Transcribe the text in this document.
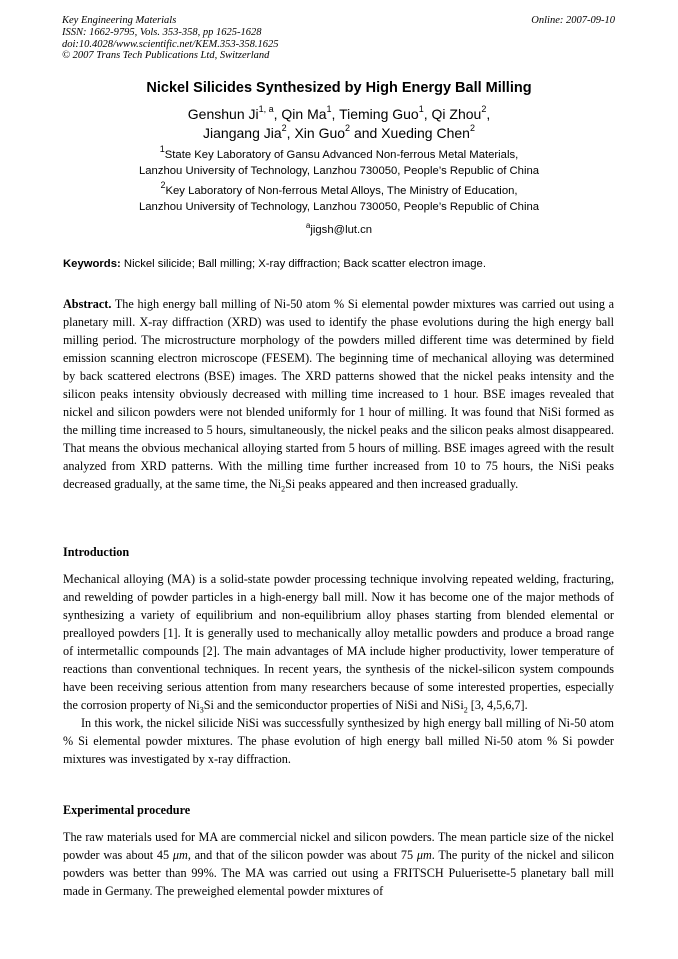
Key Engineering Materials
ISSN: 1662-9795, Vols. 353-358, pp 1625-1628
doi:10.4028/www.scientific.net/KEM.353-358.1625
© 2007 Trans Tech Publications Ltd, Switzerland
Online: 2007-09-10
Nickel Silicides Synthesized by High Energy Ball Milling
Genshun Ji$^{1, a}$, Qin Ma$^1$, Tieming Guo$^1$, Qi Zhou$^2$,
Jiangang Jia$^2$, Xin Guo$^2$ and Xueding Chen$^2$
$^1$State Key Laboratory of Gansu Advanced Non-ferrous Metal Materials,
Lanzhou University of Technology, Lanzhou 730050, People’s Republic of China
$^2$Key Laboratory of Non-ferrous Metal Alloys, The Ministry of Education,
Lanzhou University of Technology, Lanzhou 730050, People’s Republic of China
$^a$jigsh@lut.cn
Keywords: Nickel silicide; Ball milling; X-ray diffraction; Back scatter electron image.

Abstract. The high energy ball milling of Ni-50 atom % Si elemental powder mixtures was carried out using a planetary mill. X-ray diffraction (XRD) was used to identify the phase evolutions during the high energy ball milling period. The microstructure morphology of the powders milled different time was determined by field emission scanning electron microscope (FESEM). The beginning time of mechanical alloying was determined by back scattered electrons (BSE) images. The XRD patterns showed that the nickel peaks intensity and the silicon peaks intensity obviously decreased with milling time increased to 1 hour. BSE images revealed that nickel and silicon powders were not blended uniformly for 1 hour of milling. It was found that NiSi formed as the milling time increased to 5 hours, simultaneously, the nickel peaks and the silicon peaks almost disappeared. That means the obvious mechanical alloying started from 5 hours of milling. BSE images agreed with the result analyzed from XRD patterns. With the milling time further increased from 10 to 75 hours, the NiSi peaks decreased gradually, at the same time, the $Ni_2Si$ peaks appeared and then increased gradually.

Introduction

Mechanical alloying (MA) is a solid-state powder processing technique involving repeated welding, fracturing, and rewelding of powder particles in a high-energy ball mill. Now it has become one of the major methods of synthesizing a variety of equilibrium and non-equilibrium alloy phases starting from blended elemental or prealloyed powders [1]. It is generally used to mechanically alloy metallic powders and produce a broad range of intermetallic compounds [2]. The main advantages of MA include higher productivity, lower temperature of reactions than conventional techniques. In recent years, the synthesis of the nickel-silicon system compounds have been receiving serious attention from many researchers because of some interested properties, especially the corrosion property of $Ni_3Si$ and the semiconductor properties of NiSi and NiSi$_2$ [3, 4,5,6,7].

In this work, the nickel silicide NiSi was successfully synthesized by high energy ball milling of Ni-50 atom % Si elemental powder mixtures. The phase evolution of high energy ball milled Ni-50 atom % Si powder mixtures was investigated by x-ray diffraction.

Experimental procedure

The raw materials used for MA are commercial nickel and silicon powders. The mean particle size of the nickel powder was about 45 μm, and that of the silicon powder was about 75 μm. The purity of the nickel and silicon powders was better than 99%. The MA was carried out using a FRITSCH Puluerisette-5 planetary ball mill made in Germany. The preweighed elemental powder mixtures of
